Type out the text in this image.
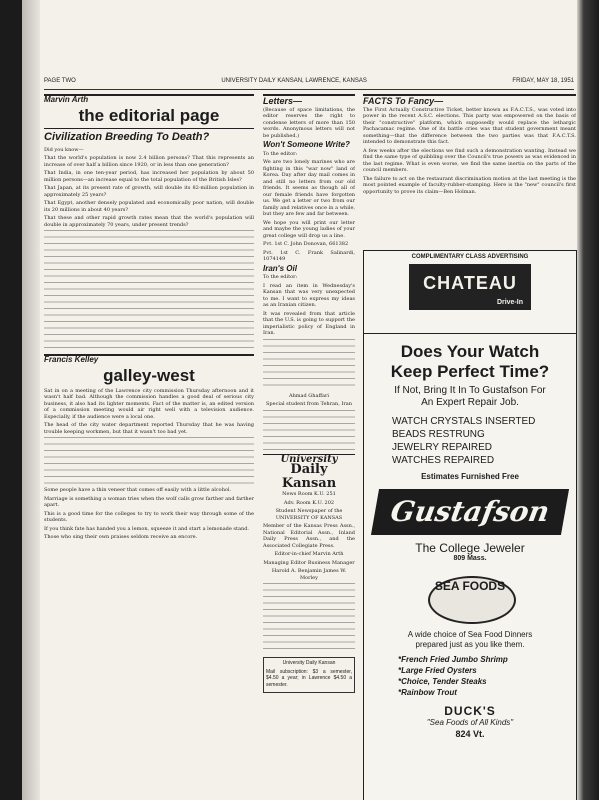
PAGE TWO	UNIVERSITY DAILY KANSAN, LAWRENCE, KANSAS	FRIDAY, MAY 18, 1951
Marvin Arth
the editorial page
Civilization Breeding To Death?

Did you know—

That the world's population is now 2.4 billion persons? That this represents an increase of over half a billion since 1920, or in less than one generation?

That India, in one ten-year period, has increased her population by about 50 million persons—an increase equal to the total population of the British Isles?

That Japan, at its present rate of growth, will double its 82-million population in approximately 25 years?

That Egypt, another densely populated and economically poor nation, will double its 20 millions in about 40 years?

That these and other rapid growth rates mean that the world's population will double in approximately 70 years, under present trends?

Francis Kelley
galley-west

Sat in on a meeting of the Lawrence city commission Thursday afternoon and it wasn't half bad. Although the commission handles a good deal of serious city business, it also had its lighter moments. Fact of the matter is, an edited version of a commission meeting would air right well with a television audience. Especially, if the audience were a local one.

The head of the city water department reported Thursday that he was having trouble keeping workmen, but that it wasn't too bad yet.

Some people have a thin veneer that comes off easily with a little alcohol.

Marriage is something a woman tries when the wolf calls grow farther and farther apart.

This is a good time for the colleges to try to work their way through some of the students.

If you think fate has handed you a lemon, squeeze it and start a lemonade stand.

Those who sing their own praises seldom receive an encore.

Letters—

(Because of space limitations, the editor reserves the right to condense letters of more than 150 words. Anonymous letters will not be published.)

Won't Someone Write?

To the editor:

We are two lonely marines who are fighting in this "war now" land of Korea. Day after day mail comes in and still no letters from our old friends. It seems as though all of our female friends have forgotten us. We get a letter or two from our family and relatives once in a while, but they are few and far between.

We hope you will print our letter and maybe the young ladies of your great college will drop us a line.

Pvt. 1st C. John Donovan, 661382

Pvt. 1st C. Frank Salinardi, 1074149

Iran's Oil

To the editor:

I read an item in Wednesday's Kansan that was very unexpected to me. I want to express my ideas as an Iranian citizen.

It was revealed from that article that the U.S. is going to support the imperialistic policy of England in Iran.

Ahmad Ghaffari

Special student from Tehran, Iran

University
Daily Kansan

News Room K.U. 251

Adv. Room K.U. 202

Student Newspaper of the UNIVERSITY OF KANSAS

Member of the Kansas Press Assn., National Editorial Assn., Inland Daily Press Assn., and the Associated Collegiate Press.

Editor-in-chief Marvin Arth

Managing Editor Business Manager

Harold A. Benjamin James W. Morley

University Daily Kansan

Mail subscription: $3 a semester, $4.50 a year; in Lawrence $4.50 a semester.

FACTS To Fancy—

The First Actually Constructive Ticket, better known as F.A.C.T.S., was voted into power in the recent A.S.C. elections. This party was empowered on the basis of their "constructive" platform, which supposedly would replace the lethargic Pachacamac regime. One of its battle cries was that student government meant something—that the difference between the two parties was that F.A.C.T.S. intended to demonstrate this fact.

A few weeks after the elections we find such a demonstration wanting. Instead we find the same type of quibbling over the Council's true powers as was evidenced in the last regime. What is even worse, we find the same inertia on the parts of the council members.

The failure to act on the restaurant discrimination motion at the last meeting is the most pointed example of faculty-rubber-stamping. Here is the "new" council's first opportunity to prove its claim—Ben Holman.

COMPLIMENTARY CLASS ADVERTISING
CHATEAU
Drive-In
Does Your Watch
Keep Perfect Time?
If Not, Bring It In To Gustafson For
An Expert Repair Job.
WATCH CRYSTALS INSERTED
BEADS RESTRUNG
JEWELRY REPAIRED
WATCHES REPAIRED
Estimates Furnished Free
Gustafson
The College Jeweler
809 Mass.
SEA FOODS
A wide choice of Sea Food Dinners
prepared just as you like them.
*French Fried Jumbo Shrimp
*Large Fried Oysters
*Choice, Tender Steaks
*Rainbow Trout
DUCK'S
"Sea Foods of All Kinds"
824 Vt.
